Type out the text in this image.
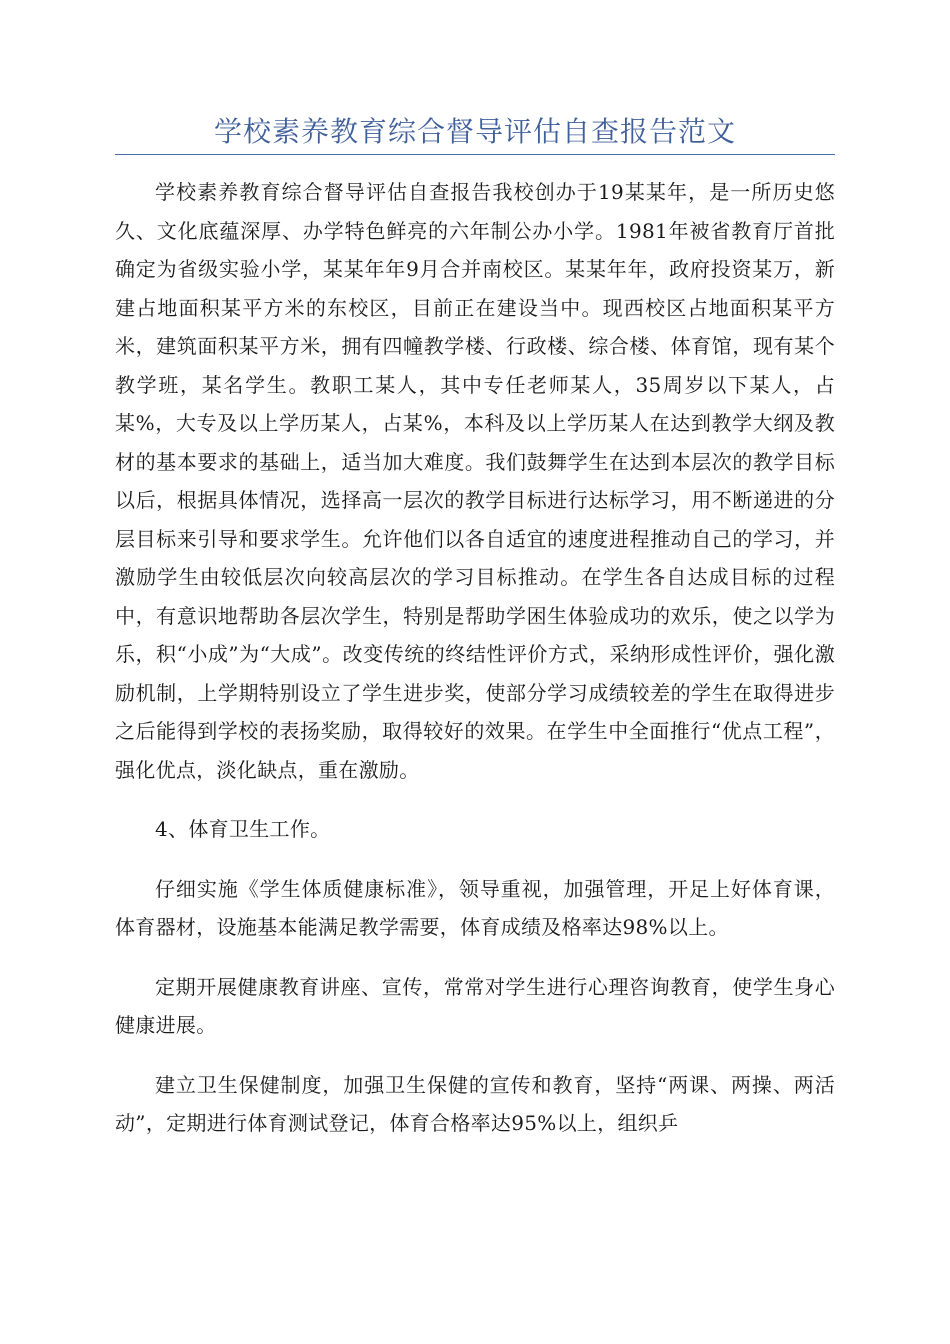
学校素养教育综合督导评估自查报告范文

学校素养教育综合督导评估自查报告我校创办于19某某年，是一所历史悠久、文化底蕴深厚、办学特色鲜亮的六年制公办小学。1981年被省教育厅首批确定为省级实验小学，某某年年9月合并南校区。某某年年，政府投资某万，新建占地面积某平方米的东校区，目前正在建设当中。现西校区占地面积某平方米，建筑面积某平方米，拥有四幢教学楼、行政楼、综合楼、体育馆，现有某个教学班，某名学生。教职工某人，其中专任老师某人，35周岁以下某人，占某%，大专及以上学历某人，占某%，本科及以上学历某人在达到教学大纲及教材的基本要求的基础上，适当加大难度。我们鼓舞学生在达到本层次的教学目标以后，根据具体情况，选择高一层次的教学目标进行达标学习，用不断递进的分层目标来引导和要求学生。允许他们以各自适宜的速度进程推动自己的学习，并激励学生由较低层次向较高层次的学习目标推动。在学生各自达成目标的过程中，有意识地帮助各层次学生，特别是帮助学困生体验成功的欢乐，使之以学为乐，积“小成”为“大成”。改变传统的终结性评价方式，采纳形成性评价，强化激励机制，上学期特别设立了学生进步奖，使部分学习成绩较差的学生在取得进步之后能得到学校的表扬奖励，取得较好的效果。在学生中全面推行“优点工程”，强化优点，淡化缺点，重在激励。

4、体育卫生工作。

仔细实施《学生体质健康标准》，领导重视，加强管理，开足上好体育课，体育器材，设施基本能满足教学需要，体育成绩及格率达98%以上。

定期开展健康教育讲座、宣传，常常对学生进行心理咨询教育，使学生身心健康进展。

建立卫生保健制度，加强卫生保健的宣传和教育，坚持“两课、两操、两活动”，定期进行体育测试登记，体育合格率达95%以上，组织乒
